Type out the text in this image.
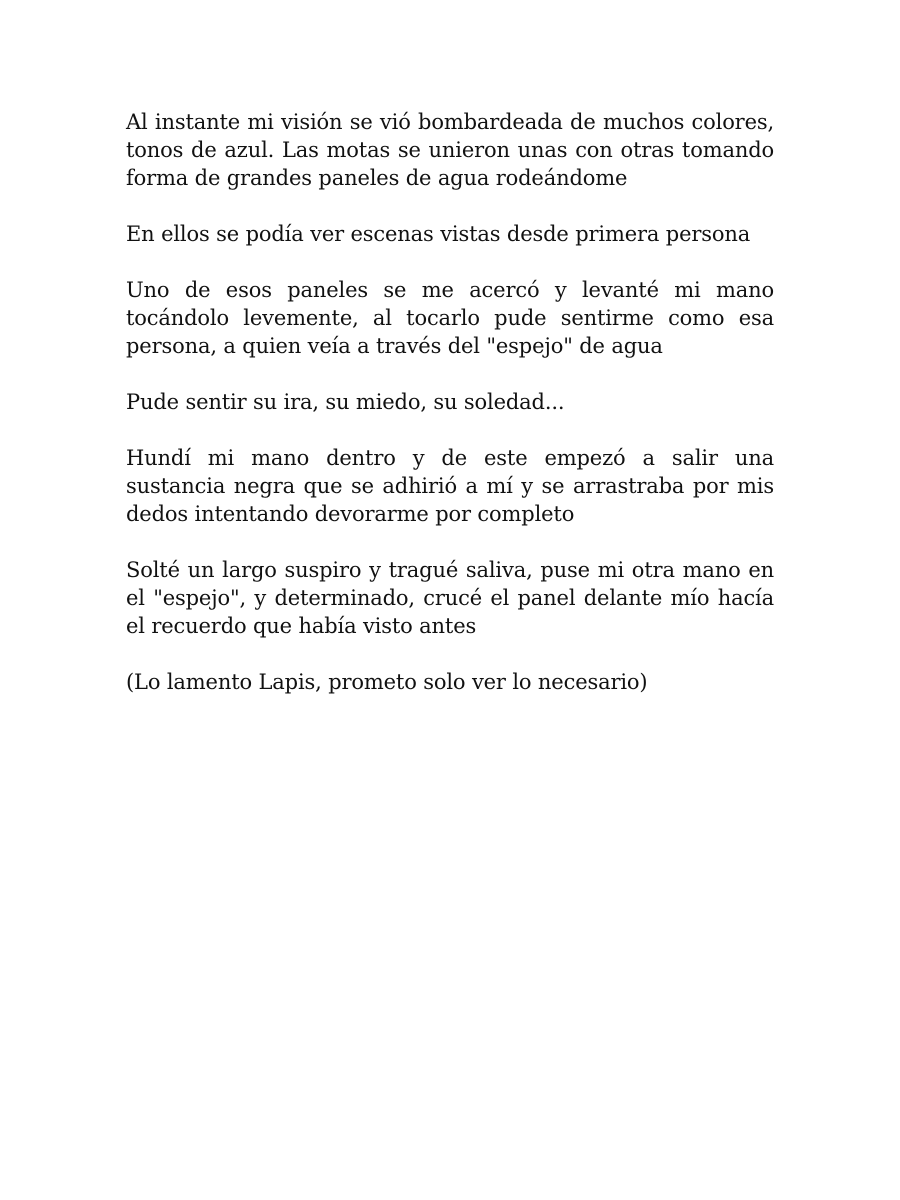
Al instante mi visión se vió bombardeada de muchos colores, tonos de azul. Las motas se unieron unas con otras tomando forma de grandes paneles de agua rodeándome

En ellos se podía ver escenas vistas desde primera persona

Uno de esos paneles se me acercó y levanté mi mano tocándolo levemente, al tocarlo pude sentirme como esa persona, a quien veía a través del "espejo" de agua

Pude sentir su ira, su miedo, su soledad...

Hundí mi mano dentro y de este empezó a salir una sustancia negra que se adhirió a mí y se arrastraba por mis dedos intentando devorarme por completo

Solté un largo suspiro y tragué saliva, puse mi otra mano en el "espejo", y determinado, crucé el panel delante mío hacía el recuerdo que había visto antes

(Lo lamento Lapis, prometo solo ver lo necesario)
